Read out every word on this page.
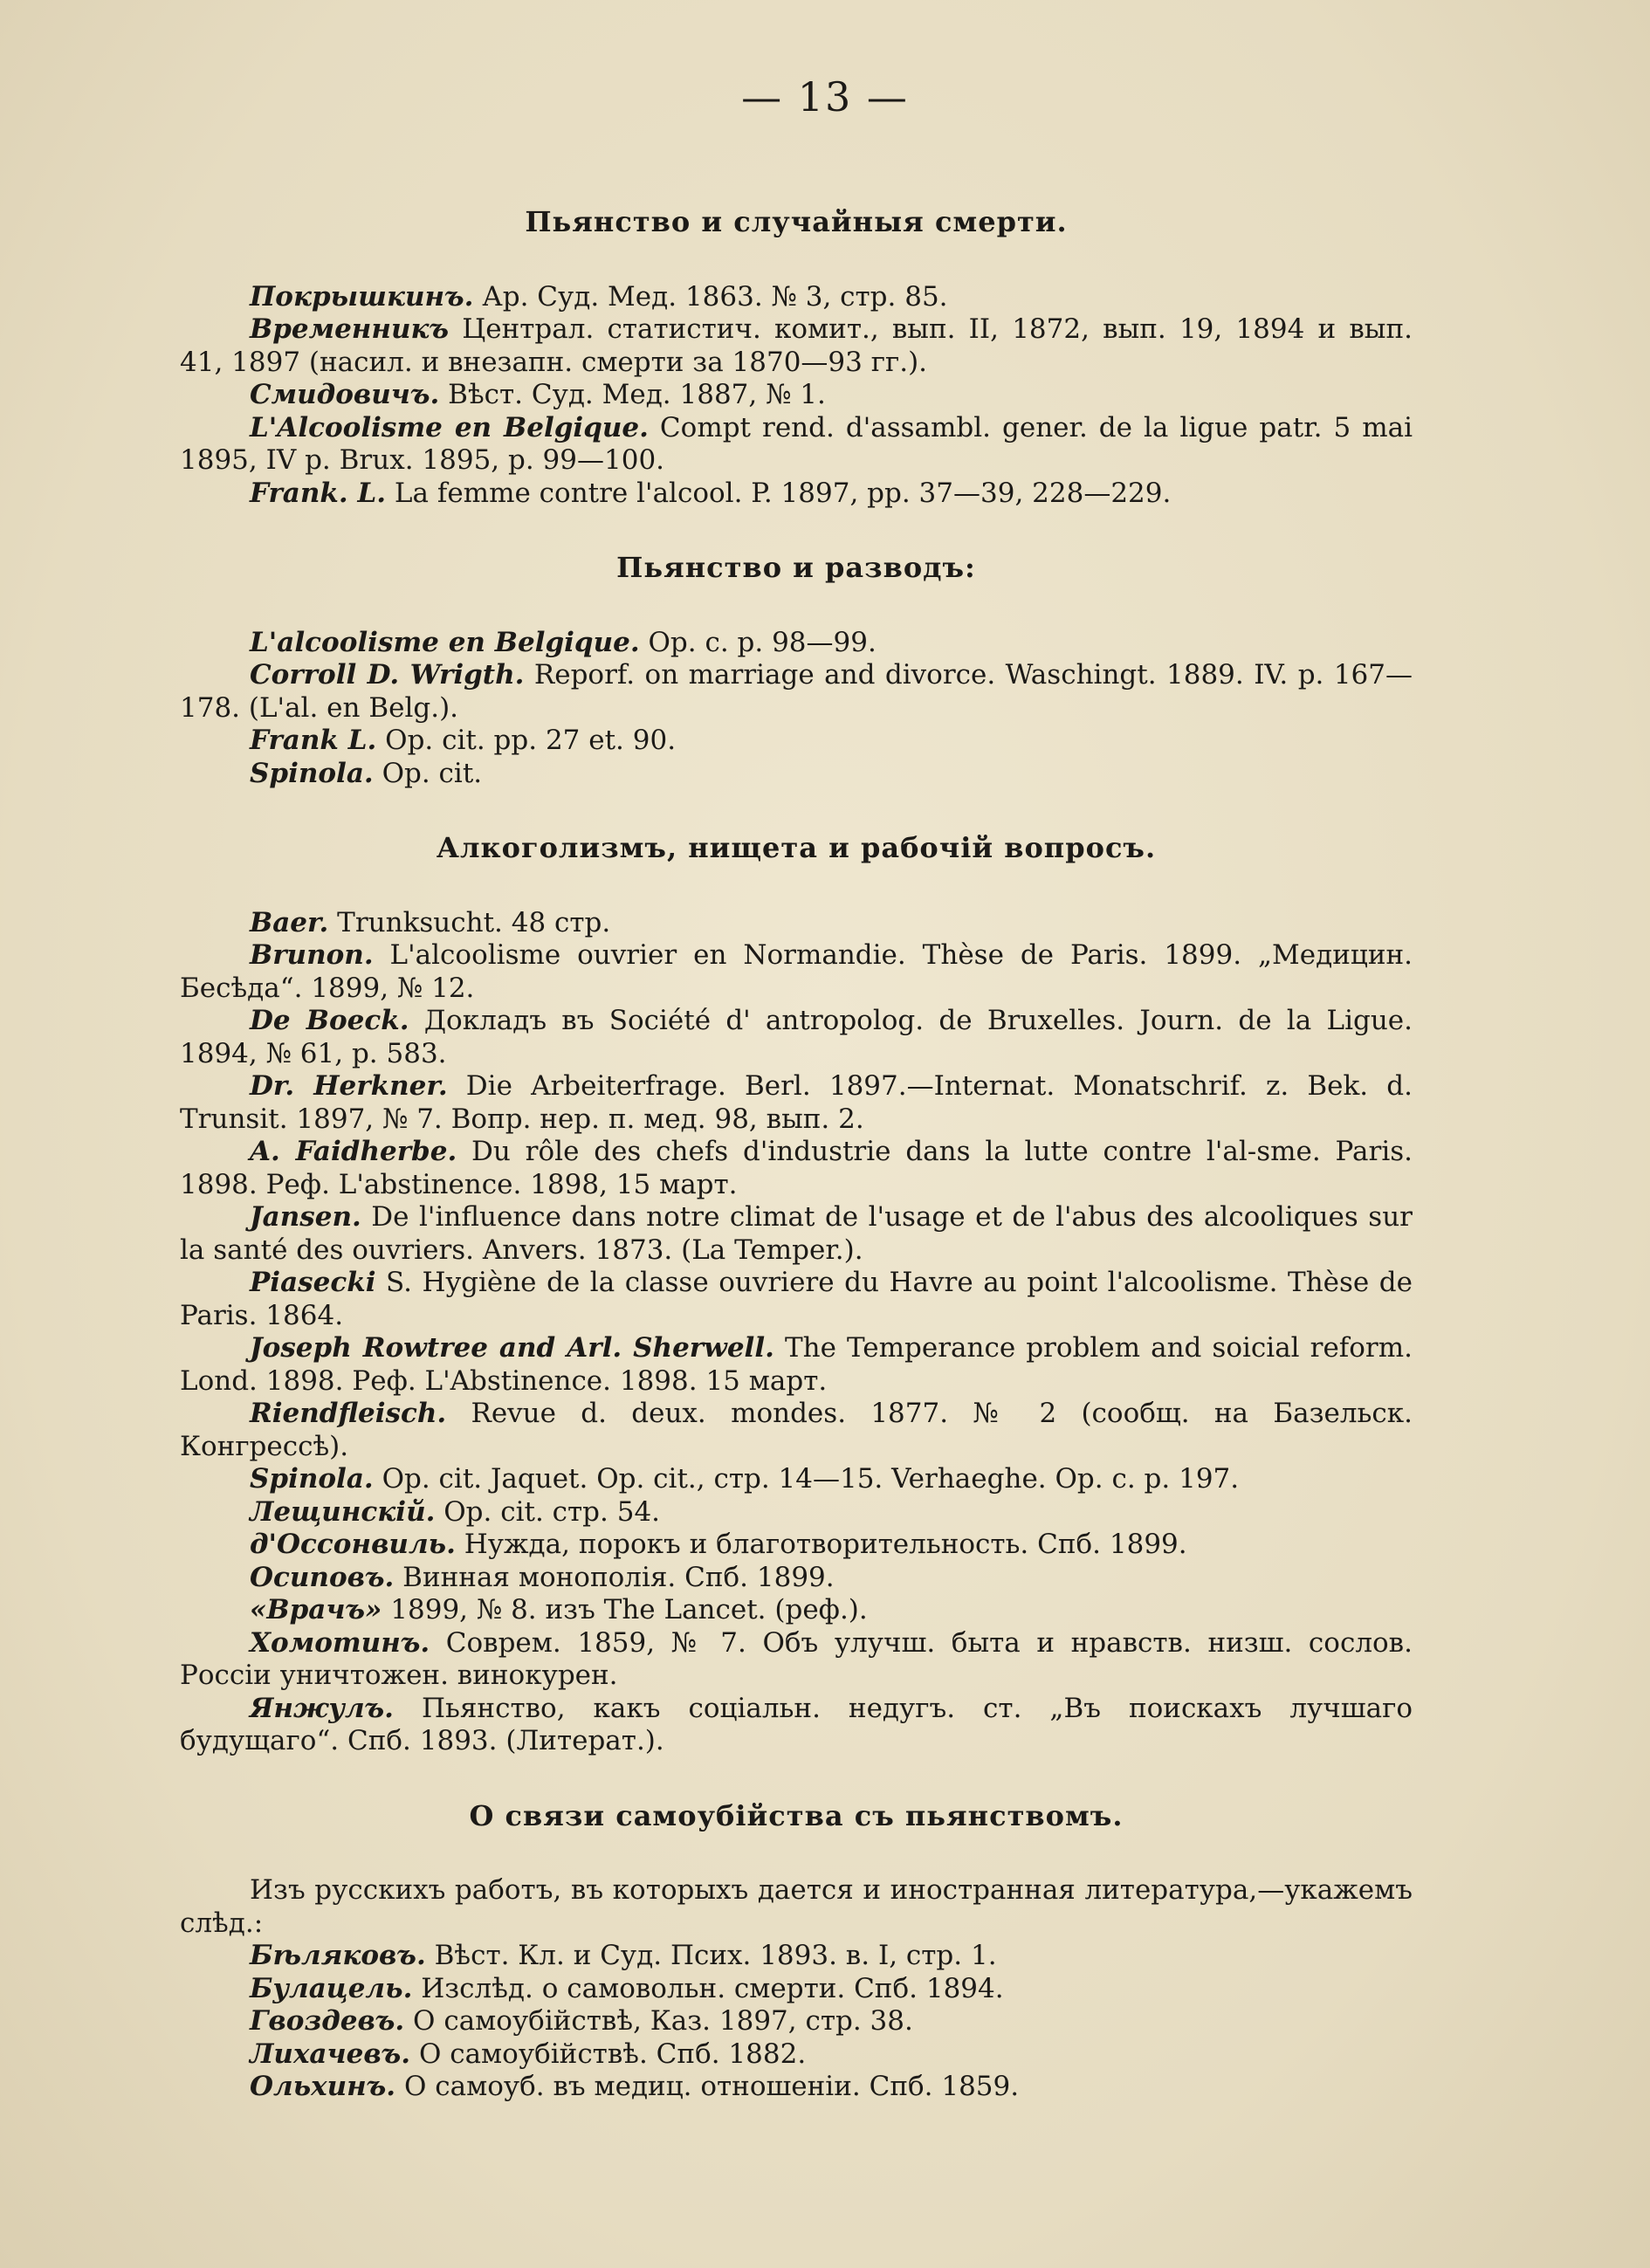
— 13 —
Пьянство и случайныя смерти.

Покрышкинъ. Ар. Суд. Мед. 1863. № 3, стр. 85.

Временникъ Централ. статистич. комит., вып. II, 1872, вып. 19, 1894 и вып. 41, 1897 (насил. и внезапн. смерти за 1870—93 гг.).

Смидовичъ. Вѣст. Суд. Мед. 1887, № 1.

L'Alcoolisme en Belgique. Compt rend. d'assambl. gener. de la ligue patr. 5 mai 1895, IV p. Brux. 1895, p. 99—100.

Frank. L. La femme contre l'alcool. P. 1897, pp. 37—39, 228—229.

Пьянство и разводъ:

L'alcoolisme en Belgique. Op. c. p. 98—99.

Corroll D. Wrigth. Reporf. on marriage and divorce. Waschingt. 1889. IV. p. 167—178. (L'al. en Belg.).

Frank L. Op. cit. pp. 27 et. 90.

Spinola. Op. cit.

Алкоголизмъ, нищета и рабочій вопросъ.

Baer. Trunksucht. 48 стр.

Brunon. L'alcoolisme ouvrier en Normandie. Thèse de Paris. 1899. „Медицин. Бесѣда“. 1899, № 12.

De Boeck. Докладъ въ Société d' antropolog. de Bruxelles. Journ. de la Ligue. 1894, № 61, p. 583.

Dr. Herkner. Die Arbeiterfrage. Berl. 1897.—Internat. Monatschrif. z. Bek. d. Trunsit. 1897, № 7. Вопр. нер. п. мед. 98, вып. 2.

A. Faidherbe. Du rôle des chefs d'industrie dans la lutte contre l'al-sme. Paris. 1898. Реф. L'abstinence. 1898, 15 март.

Jansen. De l'influence dans notre climat de l'usage et de l'abus des alcooliques sur la santé des ouvriers. Anvers. 1873. (La Temper.).

Piasecki S. Hygiène de la classe ouvriere du Havre au point l'alcoolisme. Thèse de Paris. 1864.

Joseph Rowtree and Arl. Sherwell. The Temperance problem and soicial reform. Lond. 1898. Реф. L'Abstinence. 1898. 15 март.

Riendfleisch. Revue d. deux. mondes. 1877. № 2 (сообщ. на Базельск. Конгрессѣ).

Spinola. Op. cit. Jaquet. Op. cit., стр. 14—15. Verhaeghe. Op. c. p. 197.

Лещинскій. Op. cit. стр. 54.

д'Оссонвиль. Нужда, порокъ и благотворительность. Спб. 1899.

Осиповъ. Винная монополія. Спб. 1899.

«Врачъ» 1899, № 8. изъ The Lancet. (реф.).

Хомотинъ. Соврем. 1859, № 7. Объ улучш. быта и нравств. низш. сослов. Россіи уничтожен. винокурен.

Янжулъ. Пьянство, какъ соціальн. недугъ. ст. „Въ поискахъ лучшаго будущаго“. Спб. 1893. (Литерат.).

О связи самоубійства съ пьянствомъ.

Изъ русскихъ работъ, въ которыхъ дается и иностранная литература,—укажемъ слѣд.:

Бѣляковъ. Вѣст. Кл. и Суд. Псих. 1893. в. I, стр. 1.

Булацель. Изслѣд. о самовольн. смерти. Спб. 1894.

Гвоздевъ. О самоубійствѣ, Каз. 1897, стр. 38.

Лихачевъ. О самоубійствѣ. Спб. 1882.

Ольхинъ. О самоуб. въ медиц. отношеніи. Спб. 1859.
